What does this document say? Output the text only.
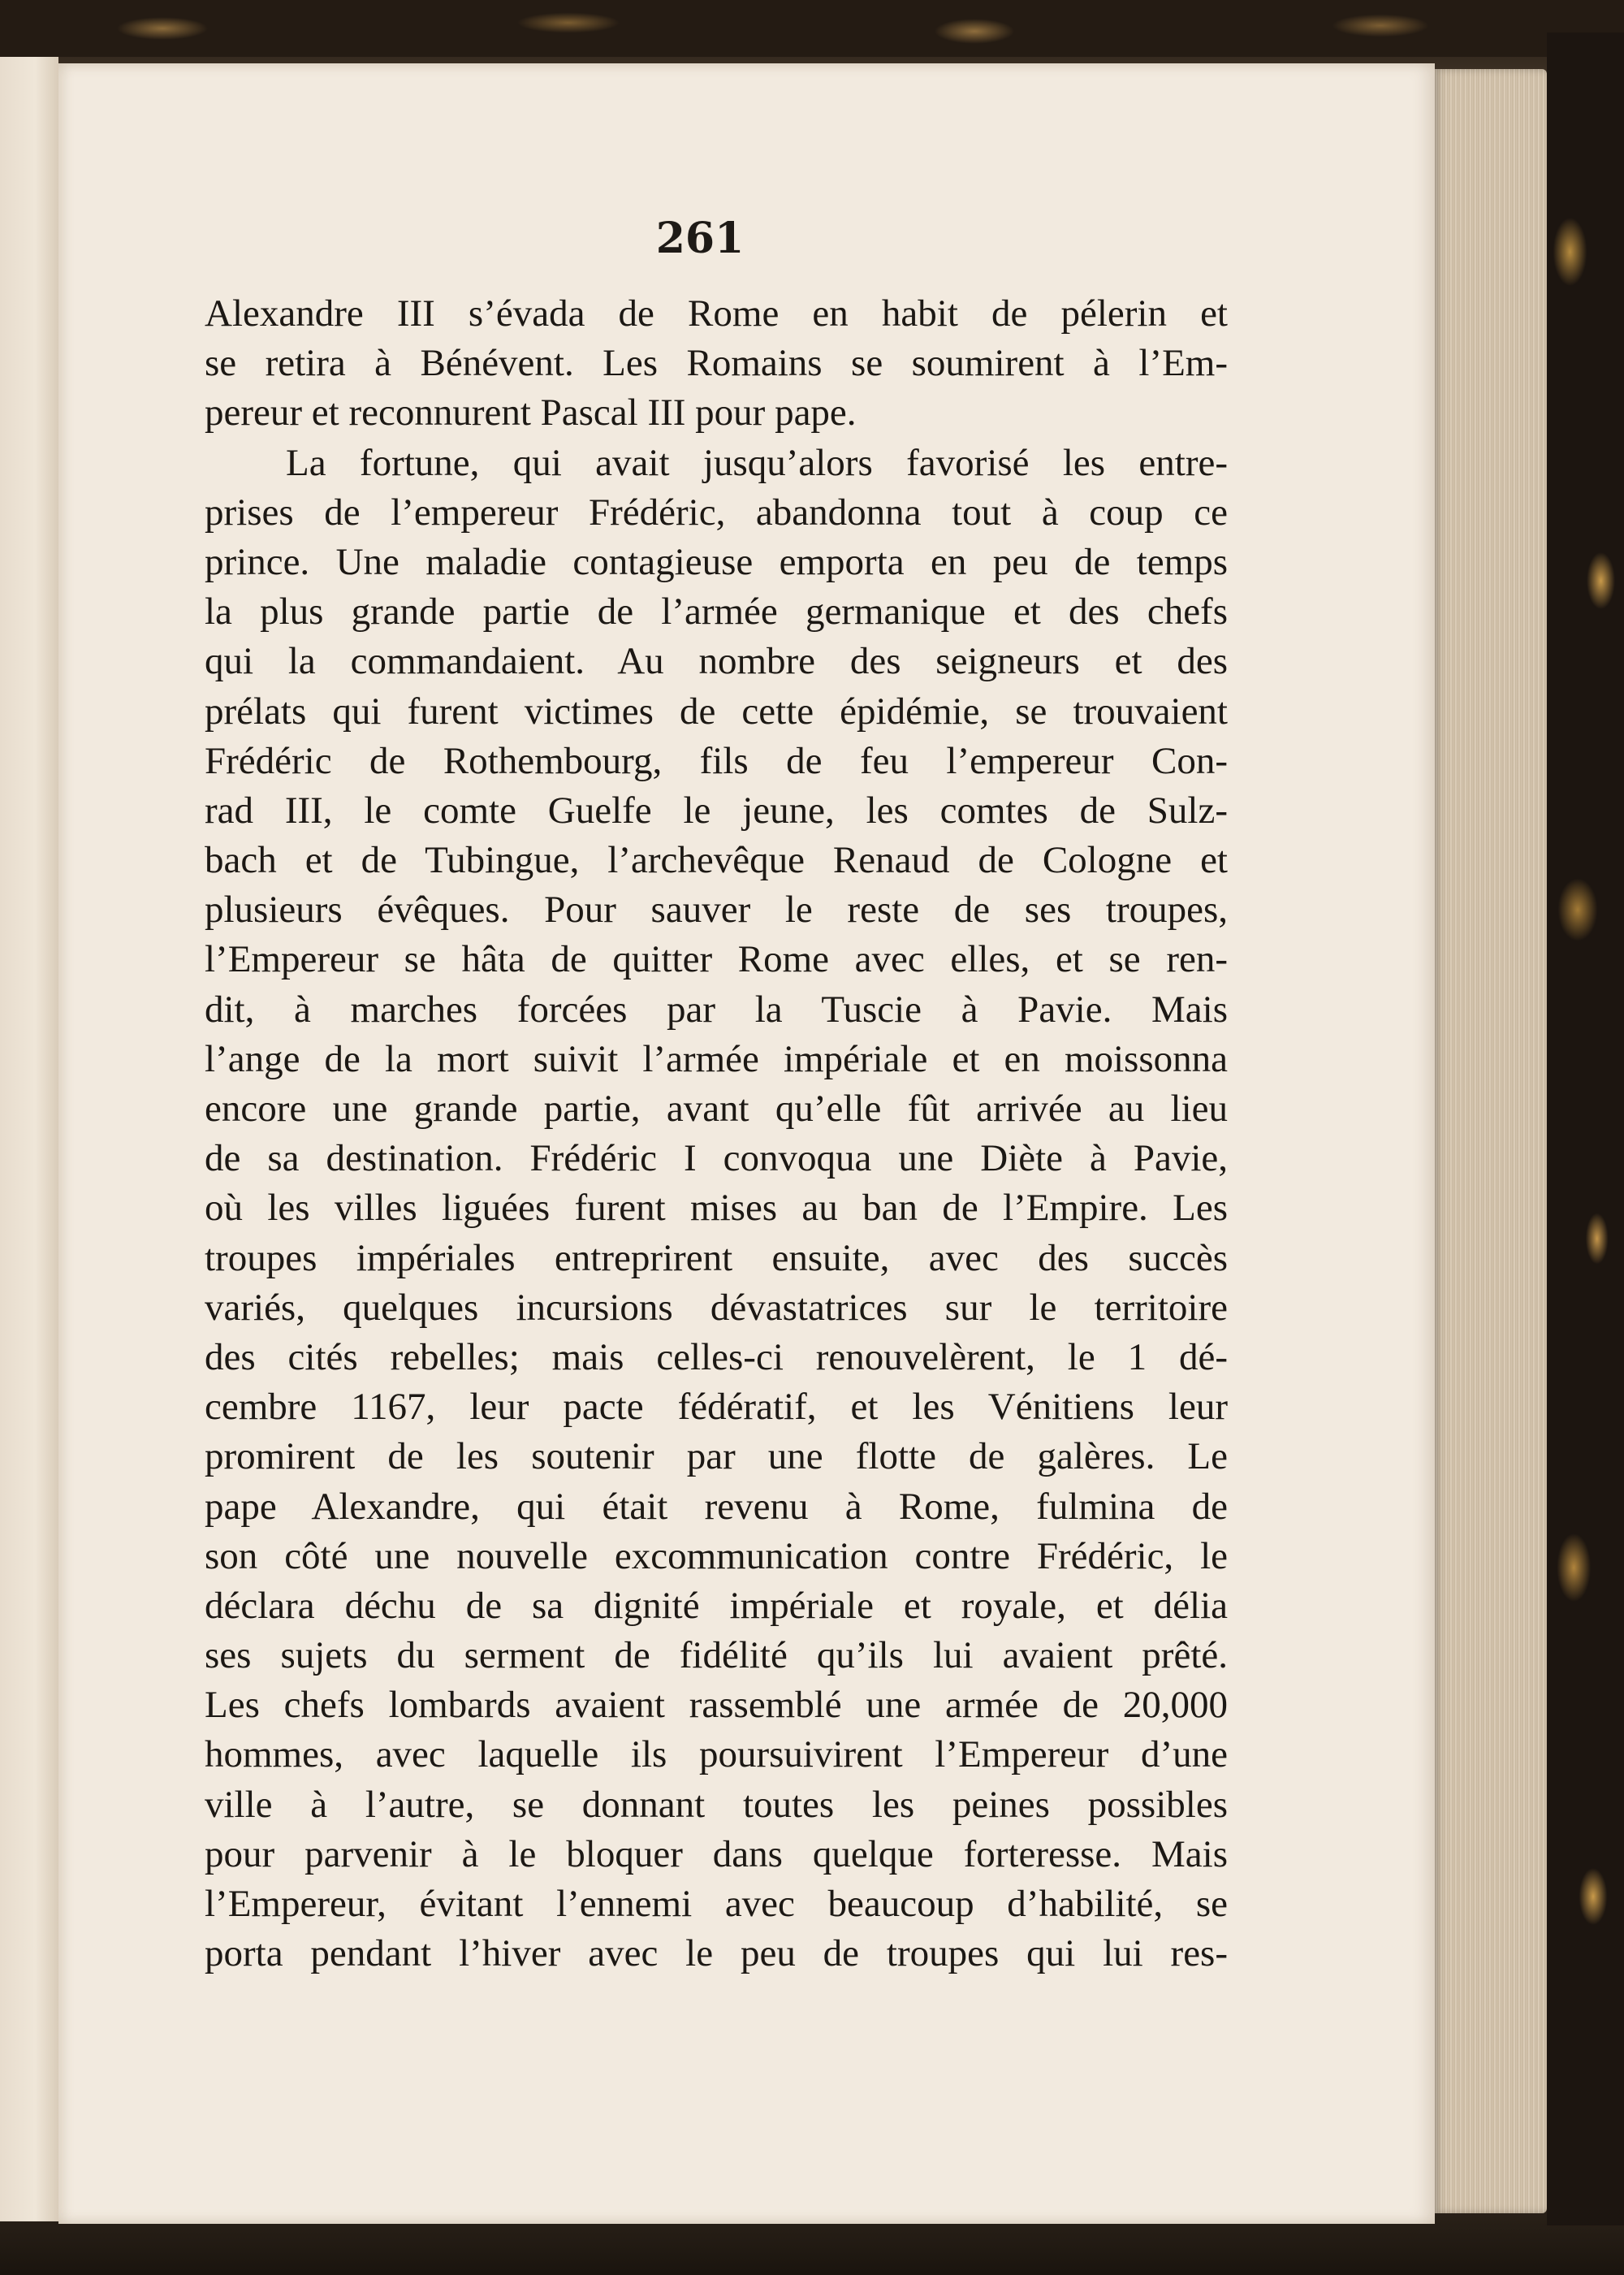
261
Alexandre III s’évada de Rome en habit de pélerin et
se retira à Bénévent. Les Romains se soumirent à l’Em-
pereur et reconnurent Pascal III pour pape.
La fortune, qui avait jusqu’alors favorisé les entre-
prises de l’empereur Frédéric, abandonna tout à coup ce
prince. Une maladie contagieuse emporta en peu de temps
la plus grande partie de l’armée germanique et des chefs
qui la commandaient. Au nombre des seigneurs et des
prélats qui furent victimes de cette épidémie, se trouvaient
Frédéric de Rothembourg, fils de feu l’empereur Con-
rad III, le comte Guelfe le jeune, les comtes de Sulz-
bach et de Tubingue, l’archevêque Renaud de Cologne et
plusieurs évêques. Pour sauver le reste de ses troupes,
l’Empereur se hâta de quitter Rome avec elles, et se ren-
dit, à marches forcées par la Tuscie à Pavie. Mais
l’ange de la mort suivit l’armée impériale et en moissonna
encore une grande partie, avant qu’elle fût arrivée au lieu
de sa destination. Frédéric I convoqua une Diète à Pavie,
où les villes liguées furent mises au ban de l’Empire. Les
troupes impériales entreprirent ensuite, avec des succès
variés, quelques incursions dévastatrices sur le territoire
des cités rebelles; mais celles-ci renouvelèrent, le 1 dé-
cembre 1167, leur pacte fédératif, et les Vénitiens leur
promirent de les soutenir par une flotte de galères. Le
pape Alexandre, qui était revenu à Rome, fulmina de
son côté une nouvelle excommunication contre Frédéric, le
déclara déchu de sa dignité impériale et royale, et délia
ses sujets du serment de fidélité qu’ils lui avaient prêté.
Les chefs lombards avaient rassemblé une armée de 20,000
hommes, avec laquelle ils poursuivirent l’Empereur d’une
ville à l’autre, se donnant toutes les peines possibles
pour parvenir à le bloquer dans quelque forteresse. Mais
l’Empereur, évitant l’ennemi avec beaucoup d’habilité, se
porta pendant l’hiver avec le peu de troupes qui lui res-
